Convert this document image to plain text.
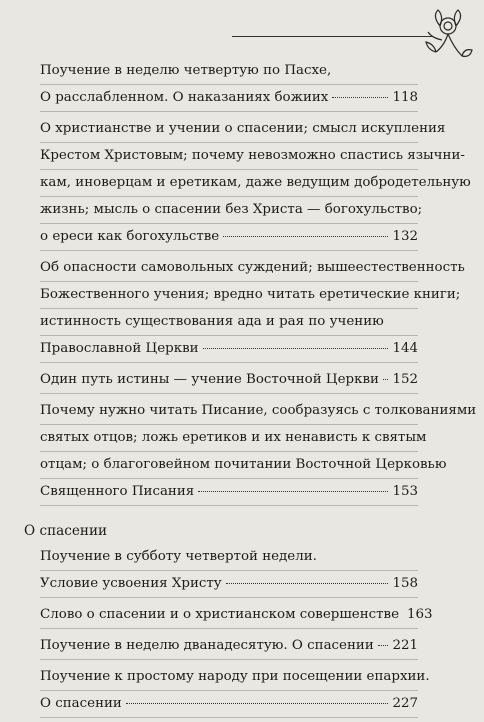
Поучение в неделю четвертую по Пасхе,
О расслабленном. О наказаниях божиих	118
О христианстве и учении о спасении; смысл искупления
Крестом Христовым; почему невозможно спастись язычни-
кам, иноверцам и еретикам, даже ведущим добродетельную
жизнь; мысль о спасении без Христа — богохульство;
о ереси как богохульстве	132
Об опасности самовольных суждений; вышеестественность
Божественного учения; вредно читать еретические книги;
истинность существования ада и рая по учению
Православной Церкви	144
Один путь истины — учение Восточной Церкви 152
Почему нужно читать Писание, сообразуясь с толкованиями
святых отцов; ложь еретиков и их ненависть к святым
отцам; о благоговейном почитании Восточной Церковью
Священного Писания	153
О спасении
Поучение в субботу четвертой недели.
Условие усвоения Христу	158
Слово о спасении и о христианском совершенстве 163
Поучение в неделю дванадесятую. О спасении 221
Поучение к простому народу при посещении епархии.
О спасении	227
